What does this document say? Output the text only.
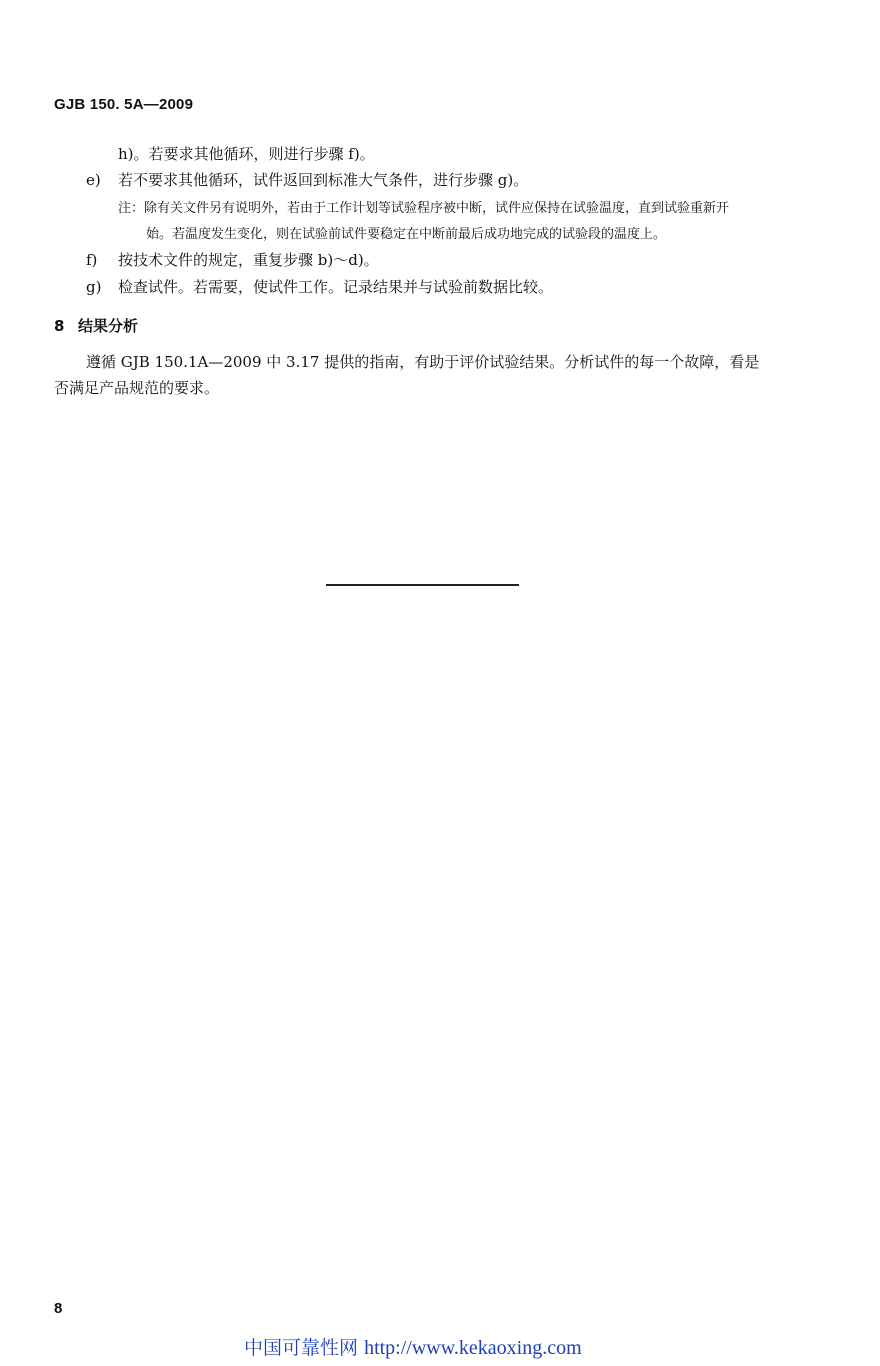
GJB 150. 5A—2009
h)。若要求其他循环，则进行步骤 f)。
e) 若不要求其他循环，试件返回到标准大气条件，进行步骤 g)。
注：除有关文件另有说明外，若由于工作计划等试验程序被中断，试件应保持在试验温度，直到试验重新开
始。若温度发生变化，则在试验前试件要稳定在中断前最后成功地完成的试验段的温度上。
f) 按技术文件的规定，重复步骤 b)～d)。
g) 检查试件。若需要，使试件工作。记录结果并与试验前数据比较。
8 结果分析
遵循 GJB 150.1A—2009 中 3.17 提供的指南，有助于评价试验结果。分析试件的每一个故障，看是
否满足产品规范的要求。
8
中国可靠性网 http://www.kekaoxing.com
